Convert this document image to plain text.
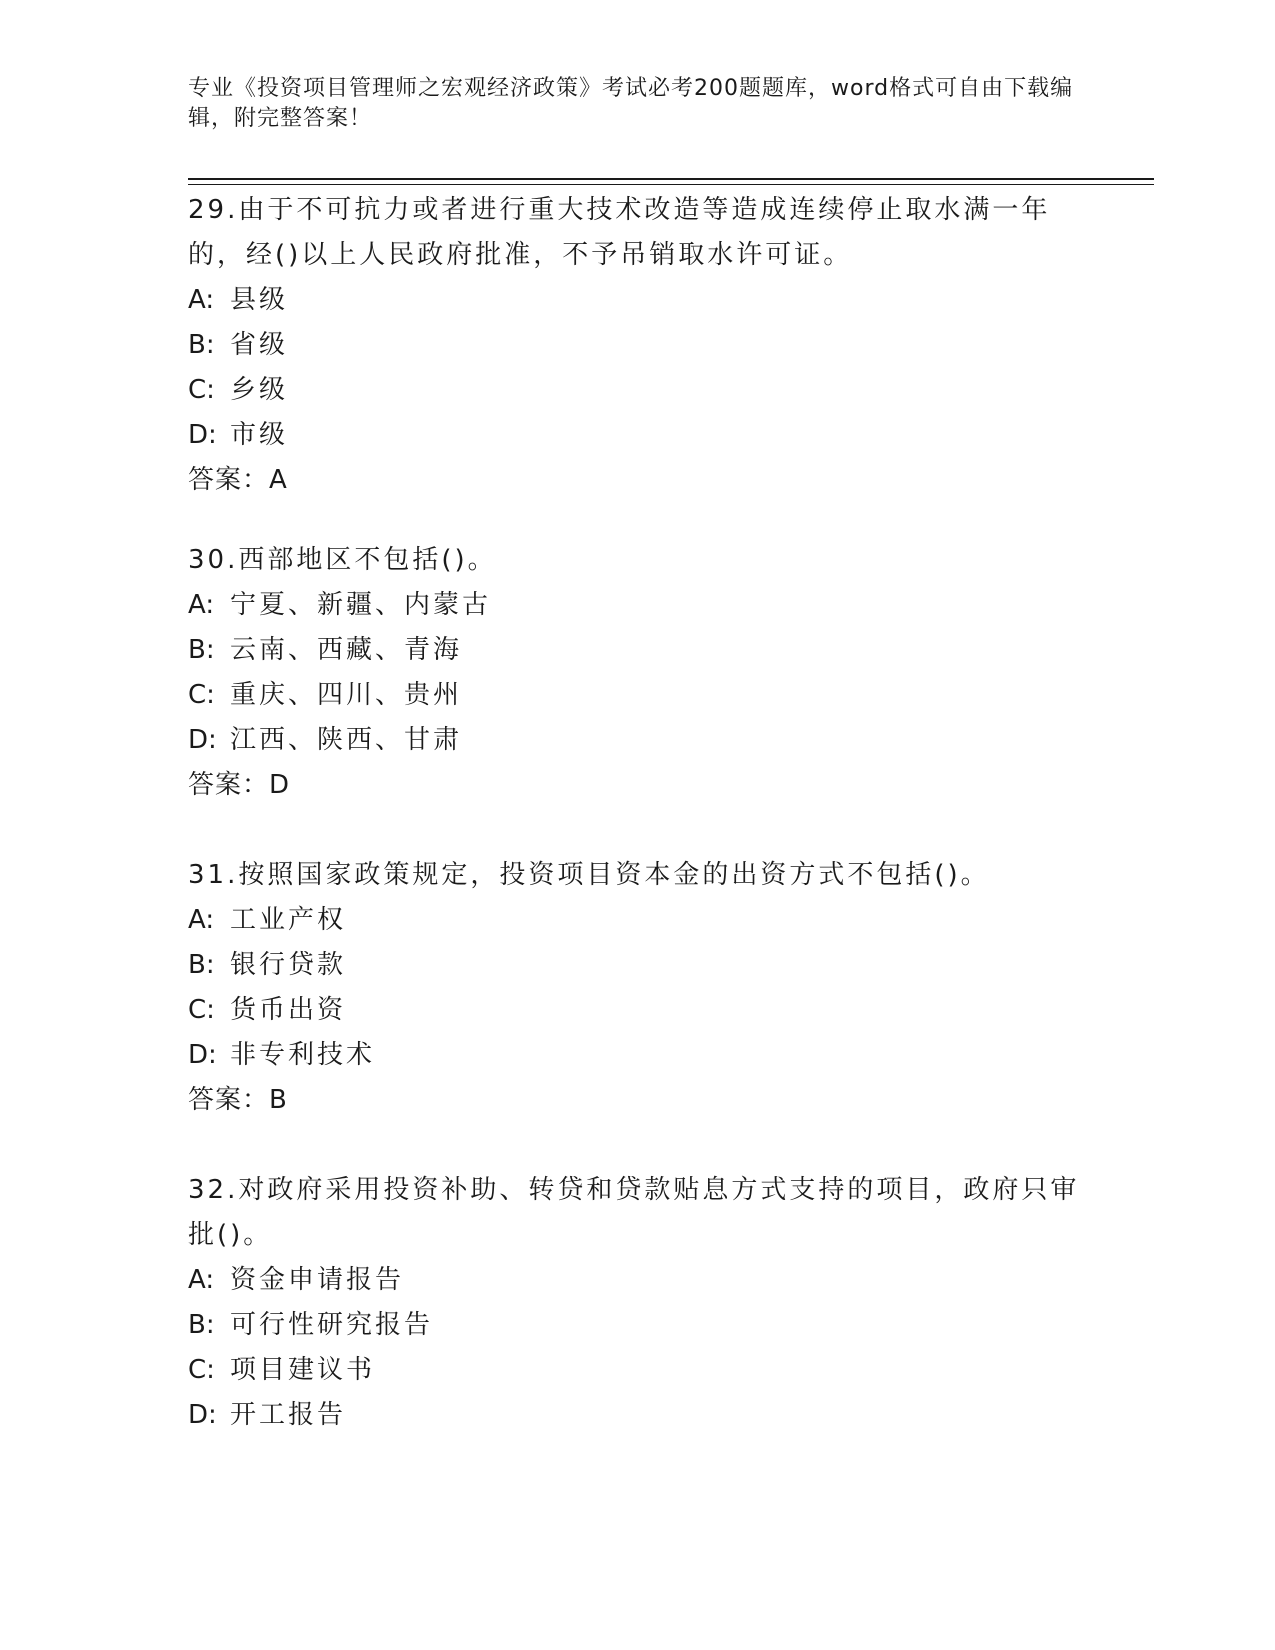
专业《投资项目管理师之宏观经济政策》考试必考200题题库，word格式可自由下载编辑，附完整答案！

29.由于不可抗力或者进行重大技术改造等造成连续停止取水满一年的，经()以上人民政府批准，不予吊销取水许可证。

A: 县级

B: 省级

C: 乡级

D: 市级

答案：A

30.西部地区不包括()。

A: 宁夏、新疆、内蒙古

B: 云南、西藏、青海

C: 重庆、四川、贵州

D: 江西、陕西、甘肃

答案：D

31.按照国家政策规定，投资项目资本金的出资方式不包括()。

A: 工业产权

B: 银行贷款

C: 货币出资

D: 非专利技术

答案：B

32.对政府采用投资补助、转贷和贷款贴息方式支持的项目，政府只审批()。

A: 资金申请报告

B: 可行性研究报告

C: 项目建议书

D: 开工报告
